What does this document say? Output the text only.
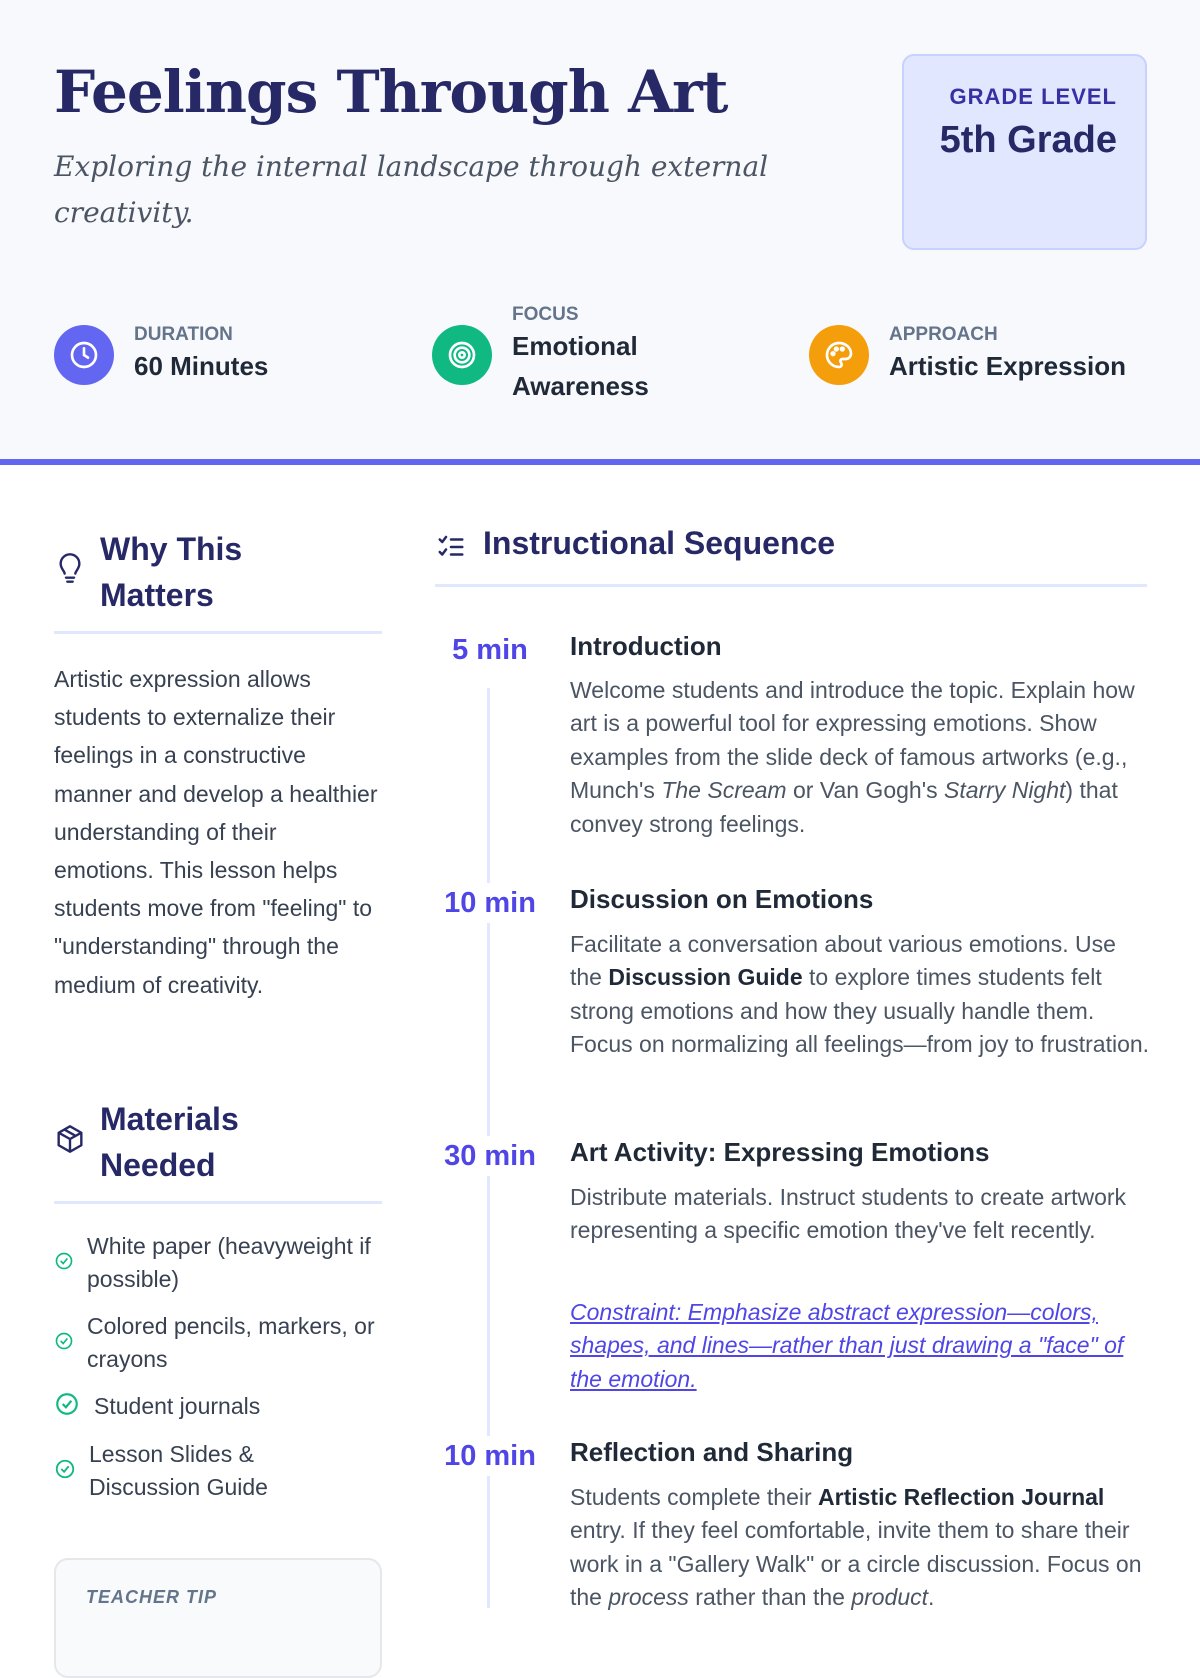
Feelings Through Art

Exploring the internal landscape through external creativity.

GRADE LEVEL
5th Grade
DURATION
60 Minutes
FOCUS
Emotional Awareness
APPROACH
Artistic Expression
Why This Matters

Artistic expression allows students to externalize their feelings in a constructive manner and develop a healthier understanding of their emotions. This lesson helps students move from "feeling" to "understanding" through the medium of creativity.

Materials Needed
White paper (heavyweight if possible)
Colored pencils, markers, or crayons
Student journals
Lesson Slides & Discussion Guide
TEACHER TIP
Instructional Sequence
5 min	Introduction

Welcome students and introduce the topic. Explain how art is a powerful tool for expressing emotions. Show examples from the slide deck of famous artworks (e.g., Munch's The Scream or Van Gogh's Starry Night) that convey strong feelings.

10 min	Discussion on Emotions

Facilitate a conversation about various emotions. Use the Discussion Guide to explore times students felt strong emotions and how they usually handle them. Focus on normalizing all feelings—from joy to frustration.

30 min	Art Activity: Expressing Emotions

Distribute materials. Instruct students to create artwork representing a specific emotion they've felt recently.

Constraint: Emphasize abstract expression—colors, shapes, and lines—rather than just drawing a "face" of the emotion.

10 min	Reflection and Sharing

Students complete their Artistic Reflection Journal entry. If they feel comfortable, invite them to share their work in a "Gallery Walk" or a circle discussion. Focus on the process rather than the product.
